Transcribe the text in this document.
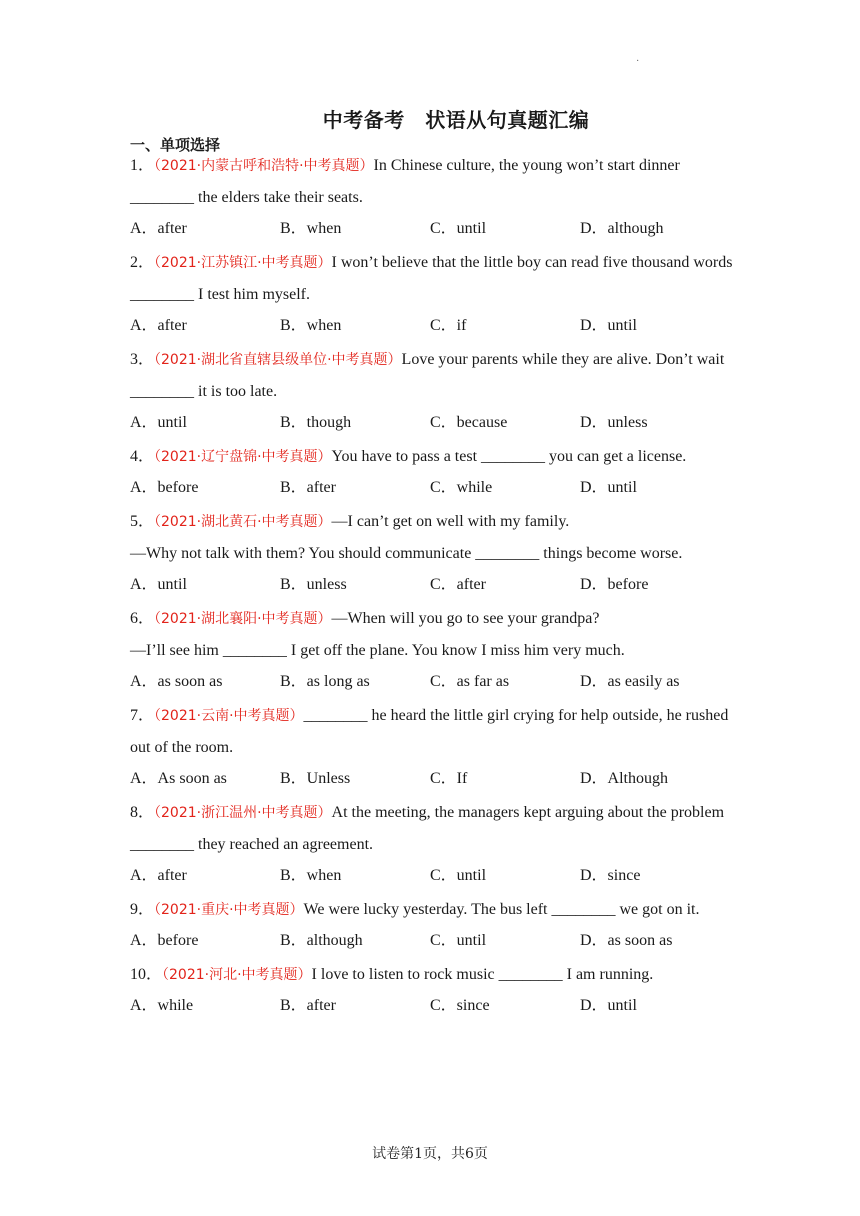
·
中考备考　状语从句真题汇编
一、单项选择

1．（2021·内蒙古呼和浩特·中考真题）In Chinese culture, the young won’t start dinner ________ the elders take their seats.

A．after	B．when	C．until	D．although

2．（2021·江苏镇江·中考真题）I won’t believe that the little boy can read five thousand words ________ I test him myself.

A．after	B．when	C．if	D．until

3．（2021·湖北省直辖县级单位·中考真题）Love your parents while they are alive. Don’t wait ________ it is too late.

A．until	B．though	C．because	D．unless

4．（2021·辽宁盘锦·中考真题）You have to pass a test ________ you can get a license.

A．before	B．after	C．while	D．until

5．（2021·湖北黄石·中考真题）—I can’t get on well with my family.

—Why not talk with them? You should communicate ________ things become worse.

A．until	B．unless	C．after	D．before

6．（2021·湖北襄阳·中考真题）—When will you go to see your grandpa?

—I’ll see him ________ I get off the plane. You know I miss him very much.

A．as soon as	B．as long as	C．as far as	D．as easily as

7．（2021·云南·中考真题）________ he heard the little girl crying for help outside, he rushed out of the room.

A．As soon as	B．Unless	C．If	D．Although

8．（2021·浙江温州·中考真题）At the meeting, the managers kept arguing about the problem ________ they reached an agreement.

A．after	B．when	C．until	D．since

9．（2021·重庆·中考真题）We were lucky yesterday. The bus left ________ we got on it.

A．before	B．although	C．until	D．as soon as

10．（2021·河北·中考真题）I love to listen to rock music ________ I am running.

A．while	B．after	C．since	D．until
试卷第1页，共6页
